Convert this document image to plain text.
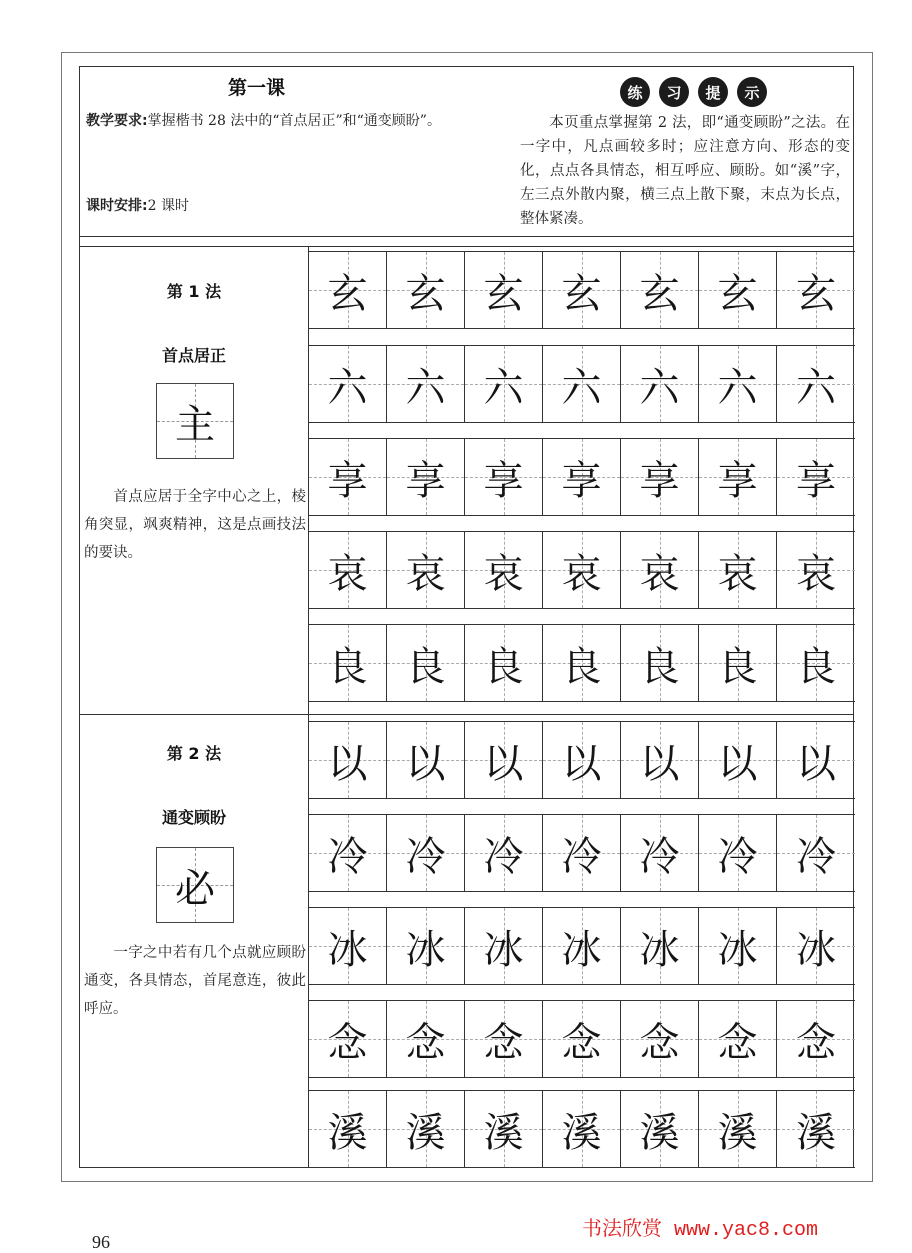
第一课
教学要求:掌握楷书 28 法中的“首点居正”和“通变顾盼”。
课时安排:2 课时
练	习	提	示
  本页重点掌握第 2 法，即“通变顾盼”之法。在一字中，凡点画较多时；应注意方向、形态的变化，点点各具情态，相互呼应、顾盼。如“溪”字，左三点外散内聚，横三点上散下聚，末点为长点，整体紧凑。
第 1 法
首点居正
主
  首点应居于全字中心之上，棱角突显，飒爽精神，这是点画技法的要诀。
玄 玄 玄 玄 玄 玄 玄
六 六 六 六 六 六 六
享 享 享 享 享 享 享
哀 哀 哀 哀 哀 哀 哀
良 良 良 良 良 良 良
第 2 法
通变顾盼
必
  一字之中若有几个点就应顾盼通变，各具情态，首尾意连，彼此呼应。
以 以 以 以 以 以 以
冷 冷 冷 冷 冷 冷 冷
冰 冰 冰 冰 冰 冰 冰
念 念 念 念 念 念 念
溪 溪 溪 溪 溪 溪 溪
96	书法欣赏 www.yac8.com
